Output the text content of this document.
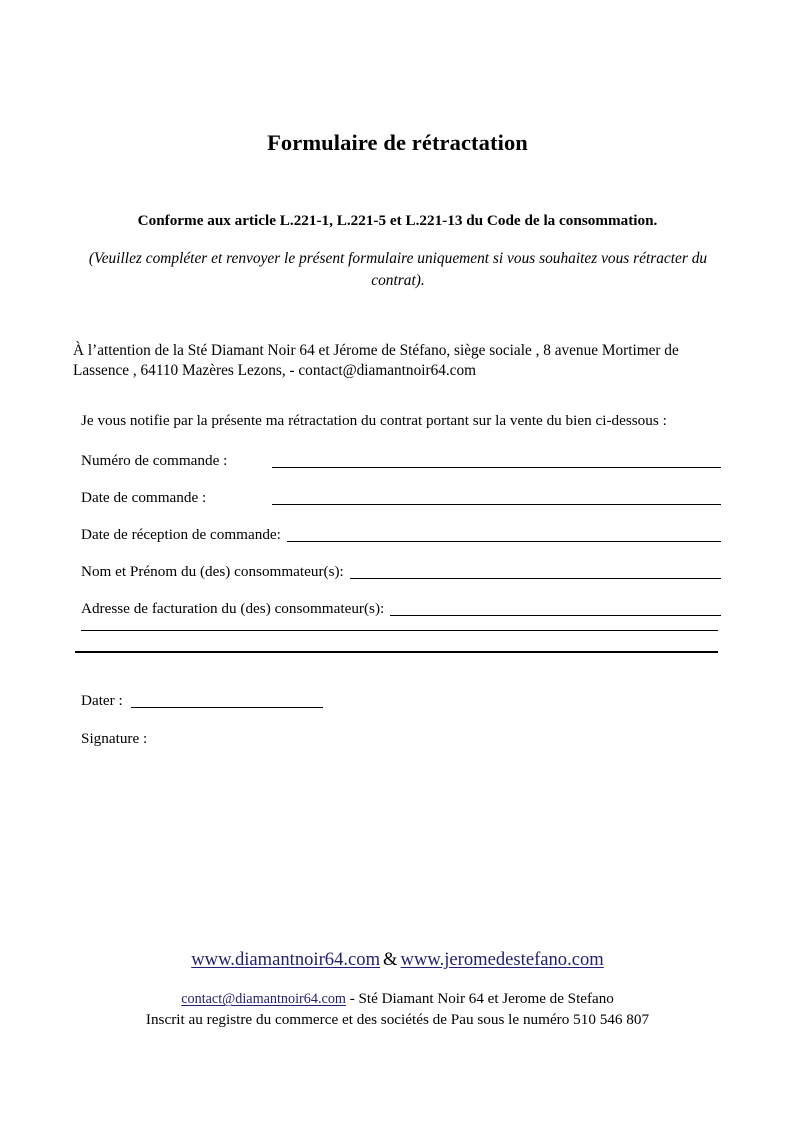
Formulaire de rétractation
Conforme aux article L.221-1, L.221-5 et L.221-13 du Code de la consommation.
(Veuillez compléter et renvoyer le présent formulaire uniquement si vous souhaitez vous rétracter du contrat).
À l’attention de la Sté Diamant Noir 64 et Jérome de Stéfano, siège sociale , 8 avenue Mortimer de Lassence , 64110 Mazères Lezons, - contact@diamantnoir64.com
Je vous notifie par la présente ma rétractation du contrat portant sur la vente du bien ci-dessous :
Numéro de commande :
Date de commande :
Date de réception de commande:
Nom et Prénom du (des) consommateur(s):
Adresse de facturation du (des) consommateur(s):
Dater :
Signature :
www.diamantnoir64.com & www.jeromedestefano.com
contact@diamantnoir64.com - Sté Diamant Noir 64 et Jerome de Stefano
Inscrit au registre du commerce et des sociétés de Pau sous le numéro 510 546 807
